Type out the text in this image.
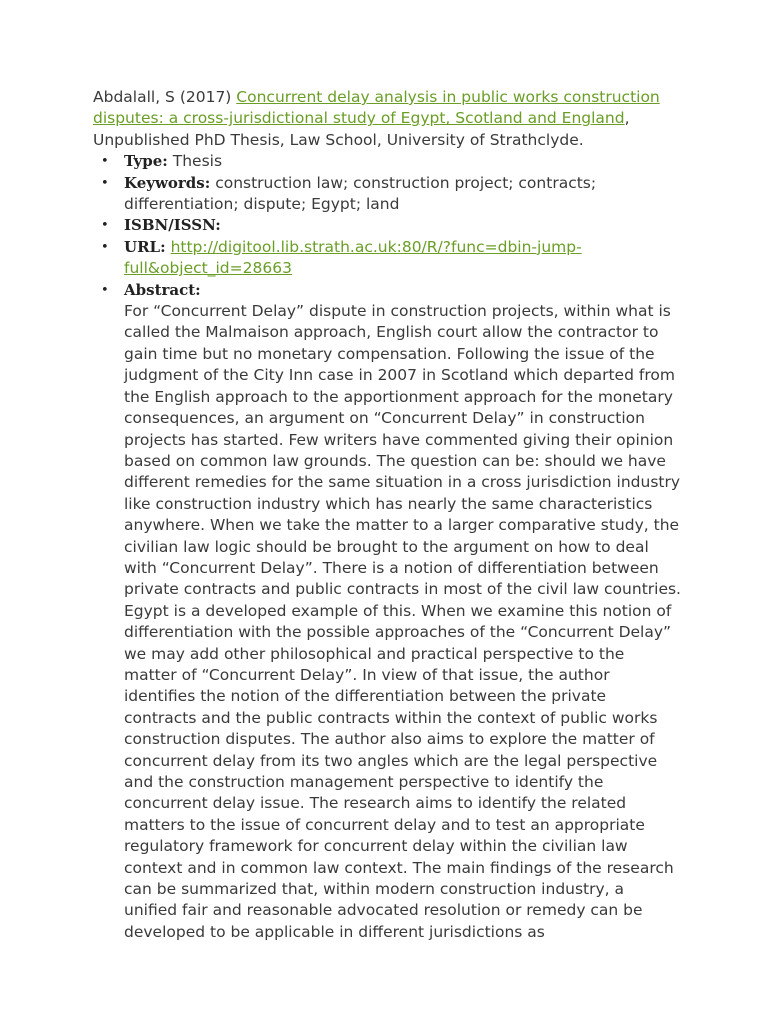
Abdalall, S (2017) Concurrent delay analysis in public works construction disputes: a cross-jurisdictional study of Egypt, Scotland and England,
Unpublished PhD Thesis, Law School, University of Strathclyde.

• Type: Thesis
• Keywords: construction law; construction project; contracts; differentiation; dispute; Egypt; land
• ISBN/ISSN:
• URL: http://digitool.lib.strath.ac.uk:80/R/?func=dbin-jump-full&object_id=28663
• Abstract:
For “Concurrent Delay” dispute in construction projects, within what is called the Malmaison approach, English court allow the contractor to gain time but no monetary compensation. Following the issue of the judgment of the City Inn case in 2007 in Scotland which departed from the English approach to the apportionment approach for the monetary consequences, an argument on “Concurrent Delay” in construction projects has started. Few writers have commented giving their opinion based on common law grounds. The question can be: should we have different remedies for the same situation in a cross jurisdiction industry like construction industry which has nearly the same characteristics anywhere. When we take the matter to a larger comparative study, the civilian law logic should be brought to the argument on how to deal with “Concurrent Delay”. There is a notion of differentiation between private contracts and public contracts in most of the civil law countries. Egypt is a developed example of this. When we examine this notion of differentiation with the possible approaches of the “Concurrent Delay” we may add other philosophical and practical perspective to the matter of “Concurrent Delay”. In view of that issue, the author identifies the notion of the differentiation between the private contracts and the public contracts within the context of public works construction disputes. The author also aims to explore the matter of concurrent delay from its two angles which are the legal perspective and the construction management perspective to identify the concurrent delay issue. The research aims to identify the related matters to the issue of concurrent delay and to test an appropriate regulatory framework for concurrent delay within the civilian law context and in common law context. The main findings of the research can be summarized that, within modern construction industry, a unified fair and reasonable advocated resolution or remedy can be developed to be applicable in different jurisdictions as
